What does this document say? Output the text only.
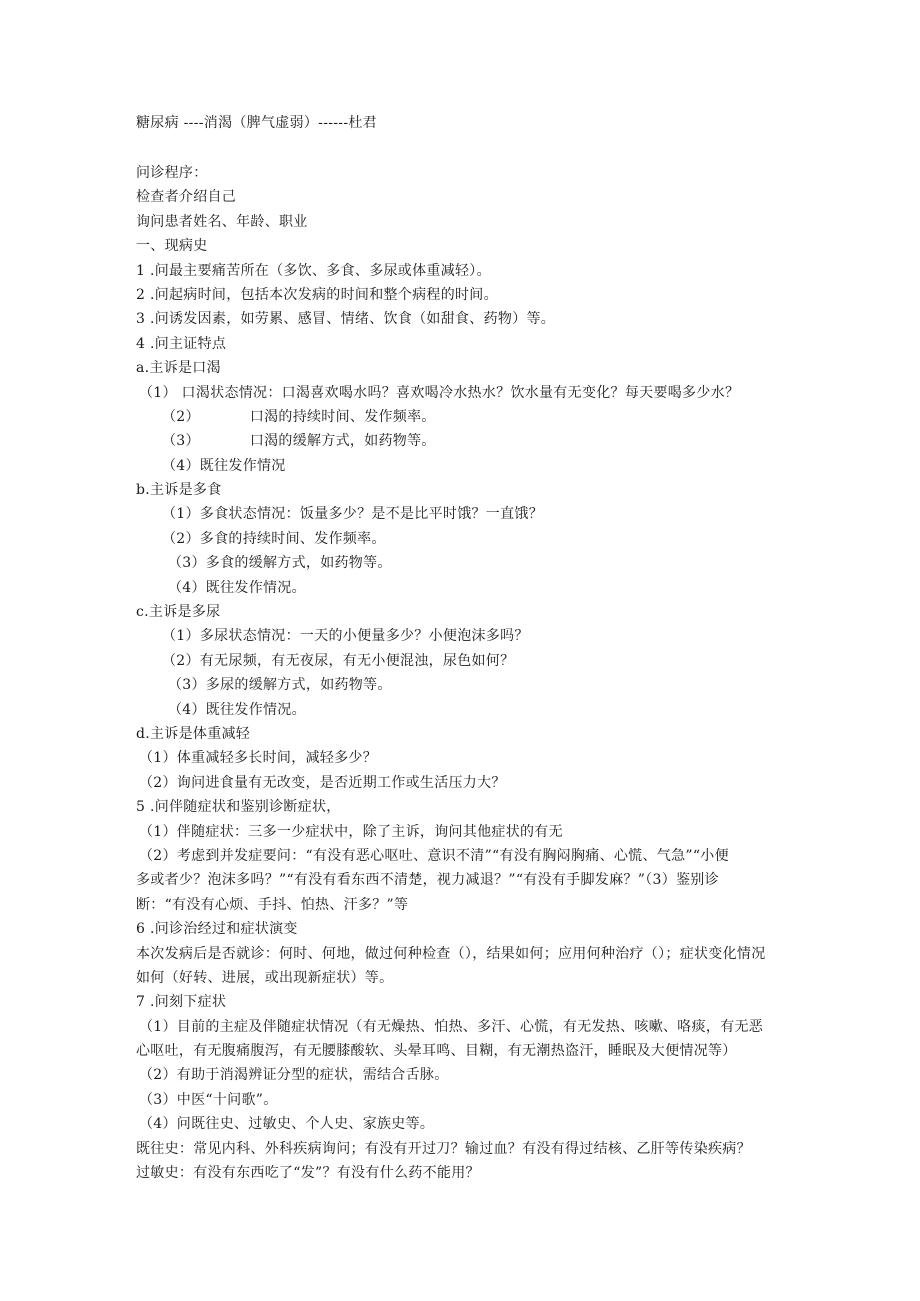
糖尿病 ----消渴（脾气虚弱）------杜君
问诊程序：
检查者介绍自己
询问患者姓名、年龄、职业
一、现病史
1 .问最主要痛苦所在（多饮、多食、多尿或体重减轻）。
2 .问起病时间，包括本次发病的时间和整个病程的时间。
3 .问诱发因素，如劳累、感冒、情绪、饮食（如甜食、药物）等。
4 .问主证特点
a.主诉是口渴
（1） 口渴状态情况：口渴喜欢喝水吗？喜欢喝冷水热水？饮水量有无变化？每天要喝多少水？
（2）	口渴的持续时间、发作频率。
（3）	口渴的缓解方式，如药物等。
（4）既往发作情况
b.主诉是多食
（1）多食状态情况：饭量多少？是不是比平时饿？一直饿？
（2）多食的持续时间、发作频率。
（3）多食的缓解方式，如药物等。
（4）既往发作情况。
c.主诉是多尿
（1）多尿状态情况：一天的小便量多少？小便泡沫多吗？
（2）有无尿频，有无夜尿，有无小便混浊，尿色如何？
（3）多尿的缓解方式，如药物等。
（4）既往发作情况。
d.主诉是体重减轻
（1）体重减轻多长时间，减轻多少？
（2）询问进食量有无改变，是否近期工作或生活压力大？
5 .问伴随症状和鉴别诊断症状，
（1）伴随症状：三多一少症状中，除了主诉，询问其他症状的有无
（2）考虑到并发症要问：“有没有恶心呕吐、意识不清”“有没有胸闷胸痛、心慌、气急”“小便
多或者少？泡沫多吗？”“有没有看东西不清楚，视力减退？”“有没有手脚发麻？”（3）鉴别诊
断：“有没有心烦、手抖、怕热、汗多？”等
6 .问诊治经过和症状演变
本次发病后是否就诊：何时、何地，做过何种检查（），结果如何；应用何种治疗（）；症状变化情况
如何（好转、进展，或出现新症状）等。
7 .问刻下症状
（1）目前的主症及伴随症状情况（有无燥热、怕热、多汗、心慌，有无发热、咳嗽、咯痰，有无恶
心呕吐，有无腹痛腹泻，有无腰膝酸软、头晕耳鸣、目糊，有无潮热盗汗，睡眠及大便情况等）
（2）有助于消渴辨证分型的症状，需结合舌脉。
（3）中医“十问歌”。
（4）问既往史、过敏史、个人史、家族史等。
既往史：常见内科、外科疾病询问；有没有开过刀？输过血？有没有得过结核、乙肝等传染疾病？
过敏史：有没有东西吃了“发”？有没有什么药不能用？
